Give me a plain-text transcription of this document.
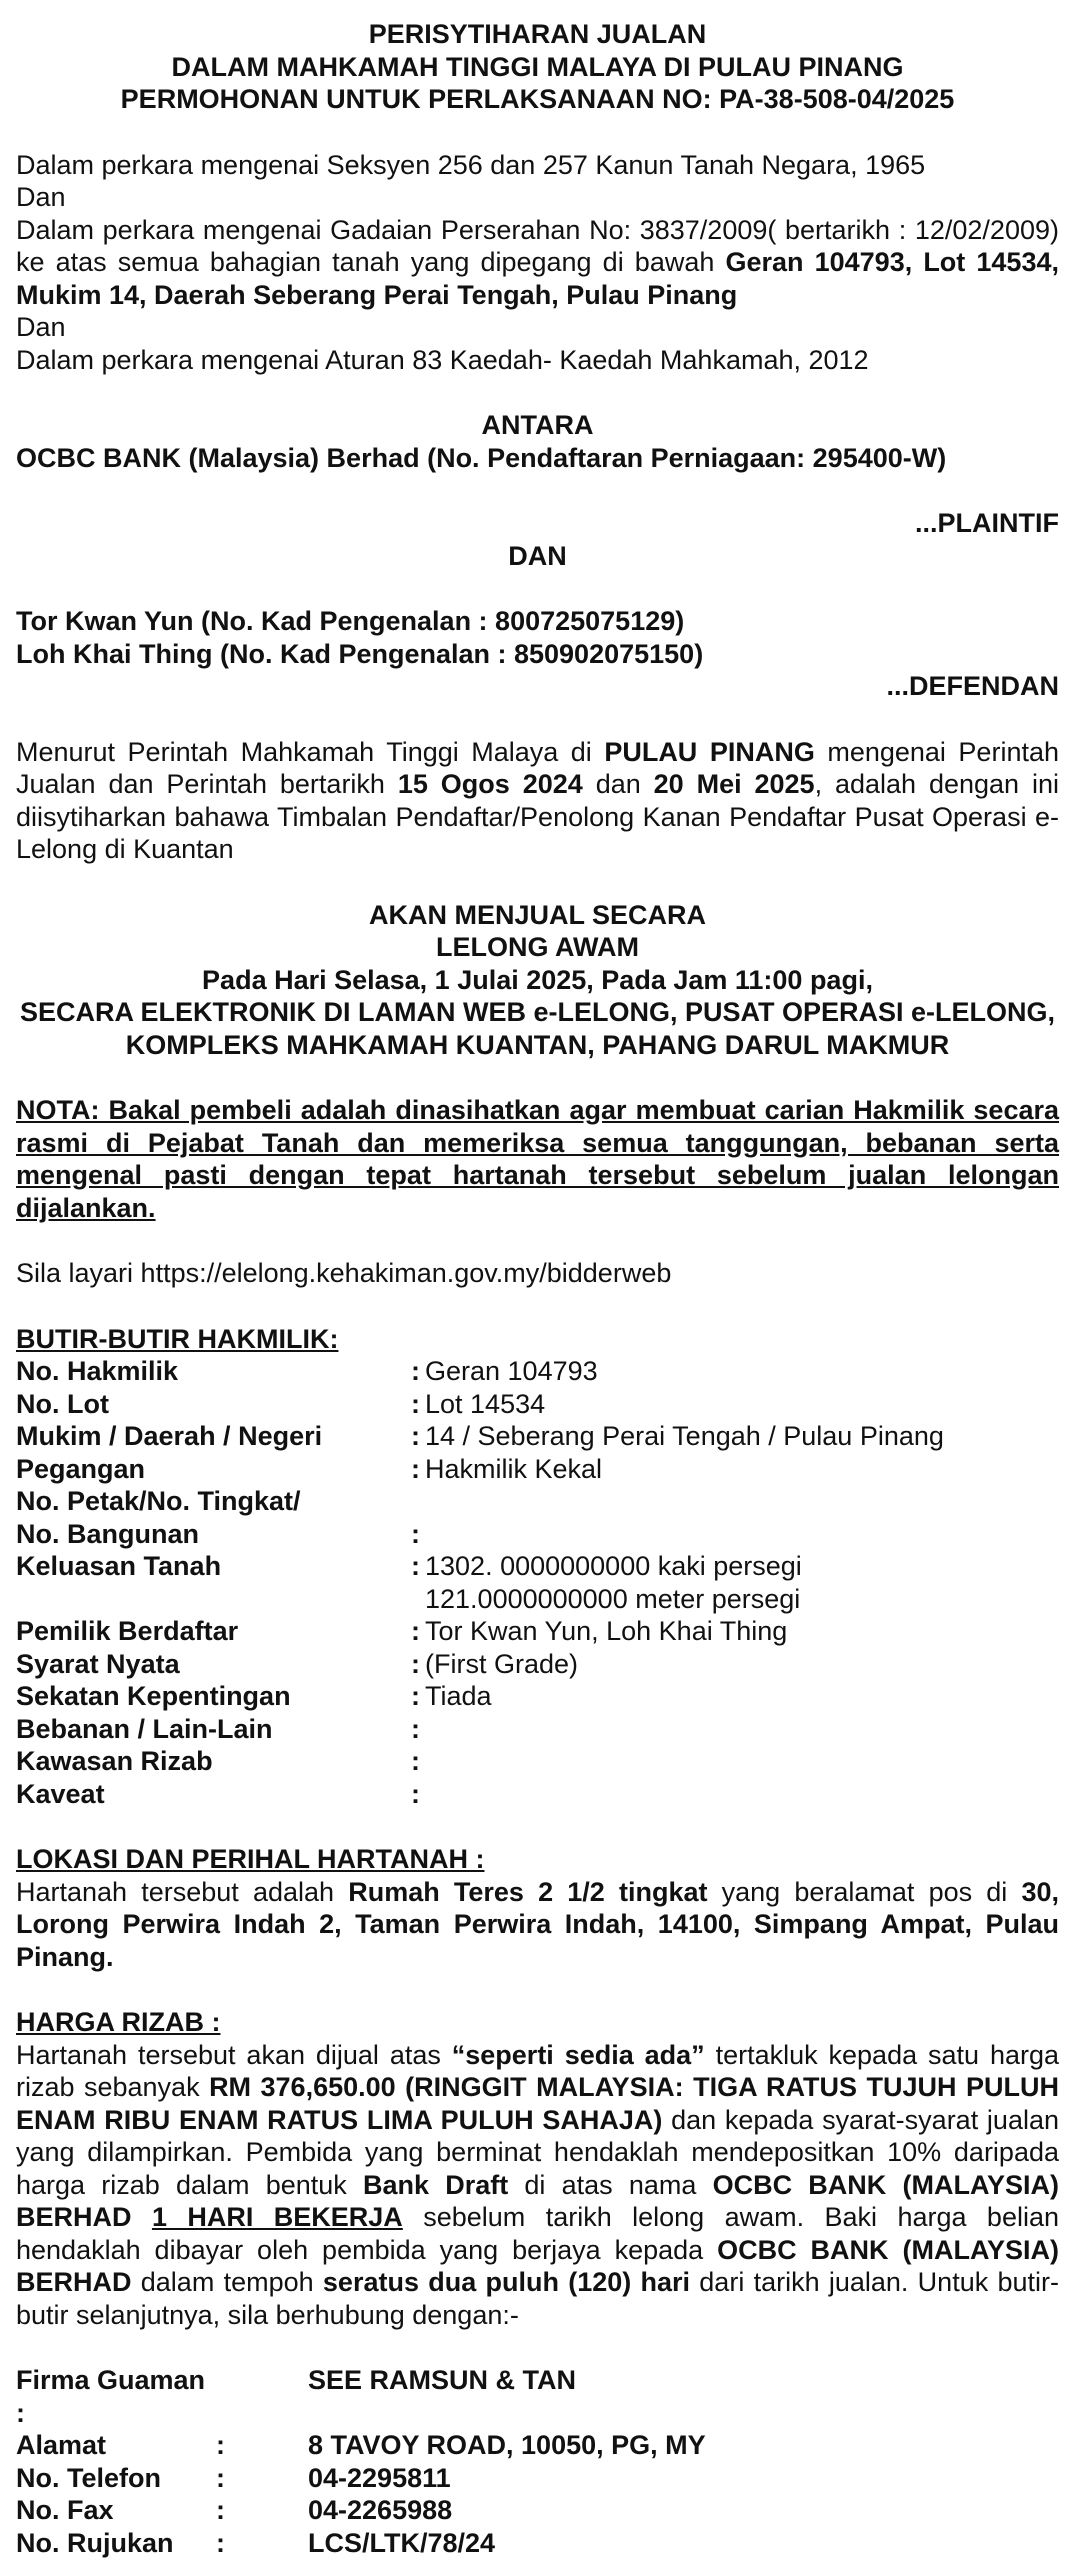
PERISYTIHARAN JUALAN

DALAM MAHKAMAH TINGGI MALAYA DI PULAU PINANG

PERMOHONAN UNTUK PERLAKSANAAN NO: PA-38-508-04/2025

Dalam perkara mengenai Seksyen 256 dan 257 Kanun Tanah Negara, 1965

Dan

Dalam perkara mengenai Gadaian Perserahan No: 3837/2009( bertarikh : 12/02/2009) ke atas semua bahagian tanah yang dipegang di bawah Geran 104793, Lot 14534, Mukim 14, Daerah Seberang Perai Tengah, Pulau Pinang

Dan

Dalam perkara mengenai Aturan 83 Kaedah- Kaedah Mahkamah, 2012

ANTARA

OCBC BANK (Malaysia) Berhad (No. Pendaftaran Perniagaan: 295400-W)

...PLAINTIF

DAN

Tor Kwan Yun (No. Kad Pengenalan : 800725075129)

Loh Khai Thing (No. Kad Pengenalan : 850902075150)

...DEFENDAN

Menurut Perintah Mahkamah Tinggi Malaya di PULAU PINANG mengenai Perintah Jualan dan Perintah bertarikh 15 Ogos 2024 dan 20 Mei 2025, adalah dengan ini diisytiharkan bahawa Timbalan Pendaftar/Penolong Kanan Pendaftar Pusat Operasi e-Lelong di Kuantan

AKAN MENJUAL SECARA

LELONG AWAM

Pada Hari Selasa, 1 Julai 2025, Pada Jam 11:00 pagi,

SECARA ELEKTRONIK DI LAMAN WEB e-LELONG, PUSAT OPERASI e-LELONG,

KOMPLEKS MAHKAMAH KUANTAN, PAHANG DARUL MAKMUR

NOTA: Bakal pembeli adalah dinasihatkan agar membuat carian Hakmilik secara rasmi di Pejabat Tanah dan memeriksa semua tanggungan, bebanan serta mengenal pasti dengan tepat hartanah tersebut sebelum jualan lelongan dijalankan.

Sila layari https://elelong.kehakiman.gov.my/bidderweb

BUTIR-BUTIR HAKMILIK:

No. Hakmilik	:	Geran 104793
No. Lot	:	Lot 14534
Mukim / Daerah / Negeri	:	14 / Seberang Perai Tengah / Pulau Pinang
Pegangan	:	Hakmilik Kekal
No. Petak/No. Tingkat/		
No. Bangunan	:	
Keluasan Tanah	:	1302. 0000000000 kaki persegi
		121.0000000000 meter persegi
Pemilik Berdaftar	:	Tor Kwan Yun, Loh Khai Thing
Syarat Nyata	:	(First Grade)
Sekatan Kepentingan	:	Tiada
Bebanan / Lain-Lain	:	
Kawasan Rizab	:	
Kaveat	:	

LOKASI DAN PERIHAL HARTANAH :

Hartanah tersebut adalah Rumah Teres 2 1/2 tingkat yang beralamat pos di 30, Lorong Perwira Indah 2, Taman Perwira Indah, 14100, Simpang Ampat, Pulau Pinang.

HARGA RIZAB :

Hartanah tersebut akan dijual atas “seperti sedia ada” tertakluk kepada satu harga rizab sebanyak RM 376,650.00 (RINGGIT MALAYSIA: TIGA RATUS TUJUH PULUH ENAM RIBU ENAM RATUS LIMA PULUH SAHAJA) dan kepada syarat-syarat jualan yang dilampirkan. Pembida yang berminat hendaklah mendepositkan 10% daripada harga rizab dalam bentuk Bank Draft di atas nama OCBC BANK (MALAYSIA) BERHAD 1 HARI BEKERJA sebelum tarikh lelong awam. Baki harga belian hendaklah dibayar oleh pembida yang berjaya kepada OCBC BANK (MALAYSIA) BERHAD dalam tempoh seratus dua puluh (120) hari dari tarikh jualan. Untuk butir-butir selanjutnya, sila berhubung dengan:-

Firma Guaman :		SEE RAMSUN & TAN
Alamat	:	8 TAVOY ROAD, 10050, PG, MY
No. Telefon	:	04-2295811
No. Fax	:	04-2265988
No. Rujukan	:	LCS/LTK/78/24
